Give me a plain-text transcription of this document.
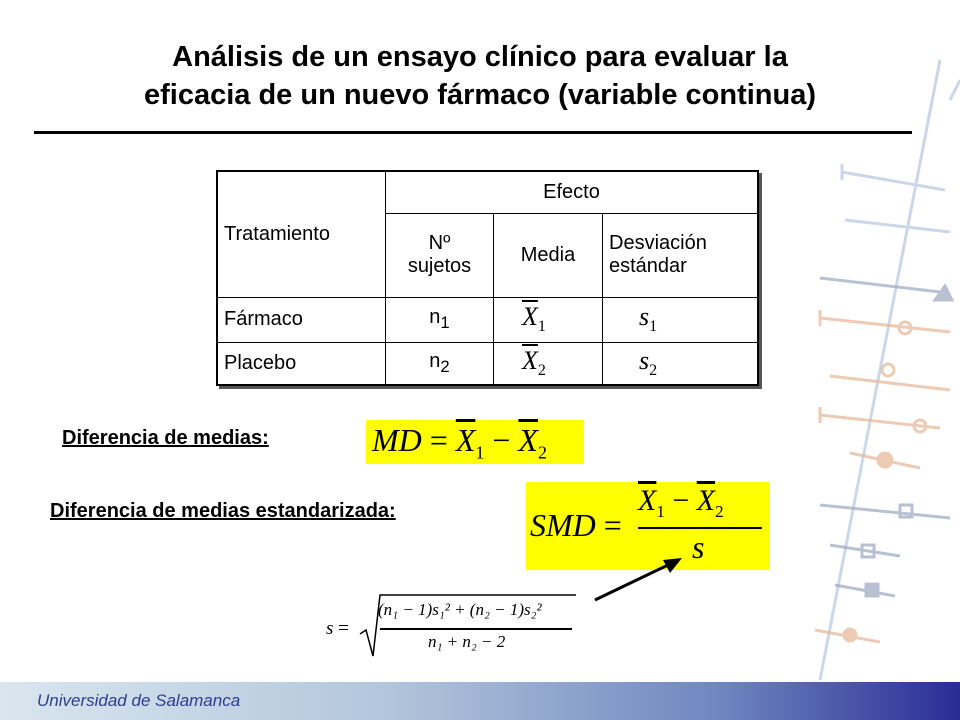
Análisis de un ensayo clínico para evaluar la
eficacia de un nuevo fármaco (variable continua)
Tratamiento	Efecto		
	Nº sujetos	Media	Desviación estándar
Fármaco	$n_1$	$\overline{X}_1$	$s_1$
Placebo	$n_2$	$\overline{X}_2$	$s_2$
Diferencia de medias:	MD = $\overline{X}_1 - \overline{X}_2$
Diferencia de medias estandarizada:	SMD =
$\overline{X}_1 - \overline{X}_2$
s
s =
(n₁ − 1)s₁² + (n₂ − 1)s₂²
n₁ + n₂ − 2
Universidad de Salamanca
